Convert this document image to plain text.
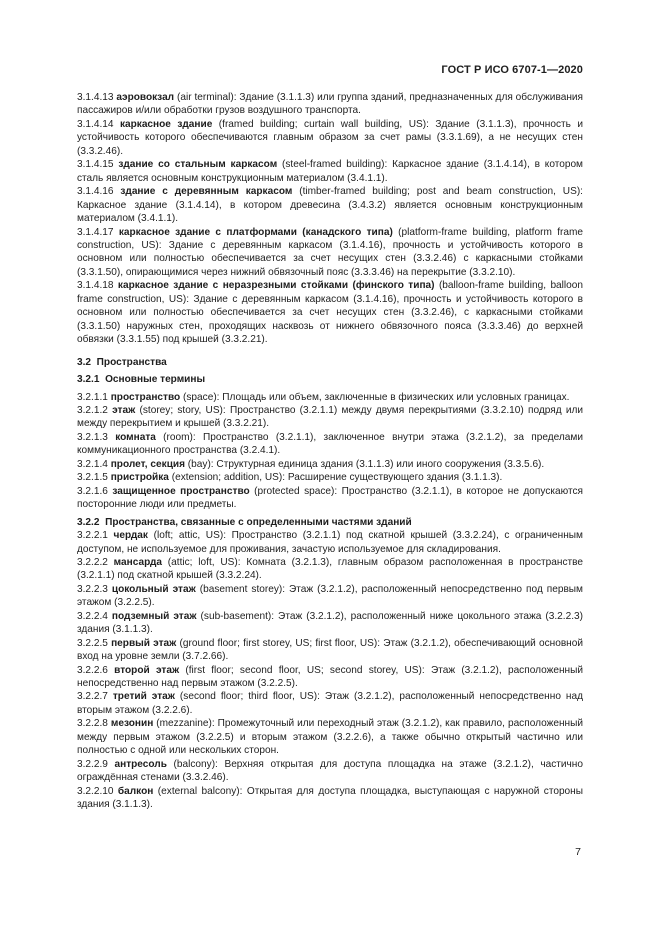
ГОСТ Р ИСО 6707-1—2020

3.1.4.13 аэровокзал (air terminal): Здание (3.1.1.3) или группа зданий, предназначенных для обслуживания пассажиров и/или обработки грузов воздушного транспорта.

3.1.4.14 каркасное здание (framed building; curtain wall building, US): Здание (3.1.1.3), прочность и устойчивость которого обеспечиваются главным образом за счет рамы (3.3.1.69), а не несущих стен (3.3.2.46).

3.1.4.15 здание со стальным каркасом (steel-framed building): Каркасное здание (3.1.4.14), в котором сталь является основным конструкционным материалом (3.4.1.1).

3.1.4.16 здание с деревянным каркасом (timber-framed building; post and beam construction, US): Каркасное здание (3.1.4.14), в котором древесина (3.4.3.2) является основным конструкционным материалом (3.4.1.1).

3.1.4.17 каркасное здание с платформами (канадского типа) (platform-frame building, platform frame construction, US): Здание с деревянным каркасом (3.1.4.16), прочность и устойчивость которого в основном или полностью обеспечивается за счет несущих стен (3.3.2.46) с каркасными стойками (3.3.1.50), опирающимися через нижний обвязочный пояс (3.3.3.46) на перекрытие (3.3.2.10).

3.1.4.18 каркасное здание с неразрезными стойками (финского типа) (balloon-frame building, balloon frame construction, US): Здание с деревянным каркасом (3.1.4.16), прочность и устойчивость которого в основном или полностью обеспечивается за счет несущих стен (3.3.2.46), с каркасными стойками (3.3.1.50) наружных стен, проходящих насквозь от нижнего обвязочного пояса (3.3.3.46) до верхней обвязки (3.3.1.55) под крышей (3.3.2.21).

3.2 Пространства

3.2.1 Основные термины

3.2.1.1 пространство (space): Площадь или объем, заключенные в физических или условных границах.

3.2.1.2 этаж (storey; story, US): Пространство (3.2.1.1) между двумя перекрытиями (3.3.2.10) подряд или между перекрытием и крышей (3.3.2.21).

3.2.1.3 комната (room): Пространство (3.2.1.1), заключенное внутри этажа (3.2.1.2), за пределами коммуникационного пространства (3.2.4.1).

3.2.1.4 пролет, секция (bay): Структурная единица здания (3.1.1.3) или иного сооружения (3.3.5.6).

3.2.1.5 пристройка (extension; addition, US): Расширение существующего здания (3.1.1.3).

3.2.1.6 защищенное пространство (protected space): Пространство (3.2.1.1), в которое не допускаются посторонние люди или предметы.

3.2.2 Пространства, связанные с определенными частями зданий

3.2.2.1 чердак (loft; attic, US): Пространство (3.2.1.1) под скатной крышей (3.3.2.24), с ограниченным доступом, не используемое для проживания, зачастую используемое для складирования.

3.2.2.2 мансарда (attic; loft, US): Комната (3.2.1.3), главным образом расположенная в пространстве (3.2.1.1) под скатной крышей (3.3.2.24).

3.2.2.3 цокольный этаж (basement storey): Этаж (3.2.1.2), расположенный непосредственно под первым этажом (3.2.2.5).

3.2.2.4 подземный этаж (sub-basement): Этаж (3.2.1.2), расположенный ниже цокольного этажа (3.2.2.3) здания (3.1.1.3).

3.2.2.5 первый этаж (ground floor; first storey, US; first floor, US): Этаж (3.2.1.2), обеспечивающий основной вход на уровне земли (3.7.2.66).

3.2.2.6 второй этаж (first floor; second floor, US; second storey, US): Этаж (3.2.1.2), расположенный непосредственно над первым этажом (3.2.2.5).

3.2.2.7 третий этаж (second floor; third floor, US): Этаж (3.2.1.2), расположенный непосредственно над вторым этажом (3.2.2.6).

3.2.2.8 мезонин (mezzanine): Промежуточный или переходный этаж (3.2.1.2), как правило, расположенный между первым этажом (3.2.2.5) и вторым этажом (3.2.2.6), а также обычно открытый частично или полностью с одной или нескольких сторон.

3.2.2.9 антресоль (balcony): Верхняя открытая для доступа площадка на этаже (3.2.1.2), частично ограждённая стенами (3.3.2.46).

3.2.2.10 балкон (external balcony): Открытая для доступа площадка, выступающая с наружной стороны здания (3.1.1.3).

7
